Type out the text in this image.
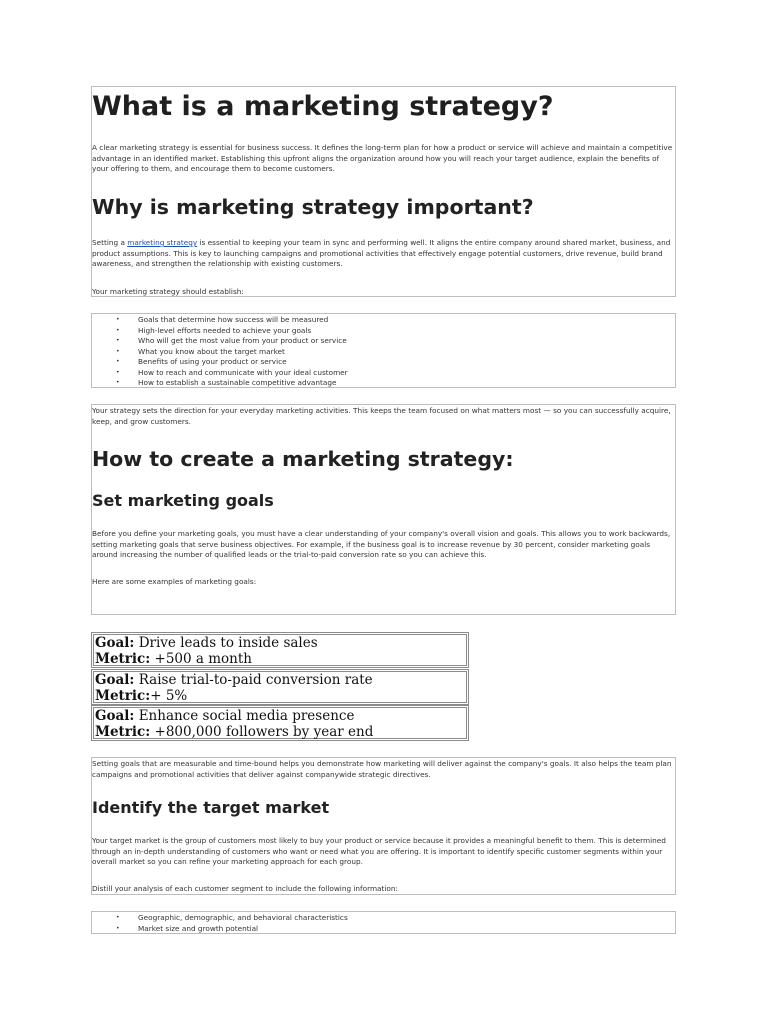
What is a marketing strategy?

A clear marketing strategy is essential for business success. It defines the long-term plan for how a product or service will achieve and maintain a competitive advantage in an identified market. Establishing this upfront aligns the organization around how you will reach your target audience, explain the benefits of your offering to them, and encourage them to become customers.

Why is marketing strategy important?

Setting a marketing strategy is essential to keeping your team in sync and performing well. It aligns the entire company around shared market, business, and product assumptions. This is key to launching campaigns and promotional activities that effectively engage potential customers, drive revenue, build brand awareness, and strengthen the relationship with existing customers.

Your marketing strategy should establish:

•	Goals that determine how success will be measured
•	High-level efforts needed to achieve your goals
•	Who will get the most value from your product or service
•	What you know about the target market
•	Benefits of using your product or service
•	How to reach and communicate with your ideal customer
•	How to establish a sustainable competitive advantage

Your strategy sets the direction for your everyday marketing activities. This keeps the team focused on what matters most — so you can successfully acquire, keep, and grow customers.

How to create a marketing strategy:
Set marketing goals

Before you define your marketing goals, you must have a clear understanding of your company's overall vision and goals. This allows you to work backwards, setting marketing goals that serve business objectives. For example, if the business goal is to increase revenue by 30 percent, consider marketing goals around increasing the number of qualified leads or the trial-to-paid conversion rate so you can achieve this.

Here are some examples of marketing goals:

Goal: Drive leads to inside sales
Metric: +500 a month
Goal: Raise trial-to-paid conversion rate
Metric:+ 5%
Goal: Enhance social media presence
Metric: +800,000 followers by year end

Setting goals that are measurable and time-bound helps you demonstrate how marketing will deliver against the company's goals. It also helps the team plan campaigns and promotional activities that deliver against companywide strategic directives.

Identify the target market

Your target market is the group of customers most likely to buy your product or service because it provides a meaningful benefit to them. This is determined through an in-depth understanding of customers who want or need what you are offering. It is important to identify specific customer segments within your overall market so you can refine your marketing approach for each group.

Distill your analysis of each customer segment to include the following information:

•	Geographic, demographic, and behavioral characteristics
•	Market size and growth potential
